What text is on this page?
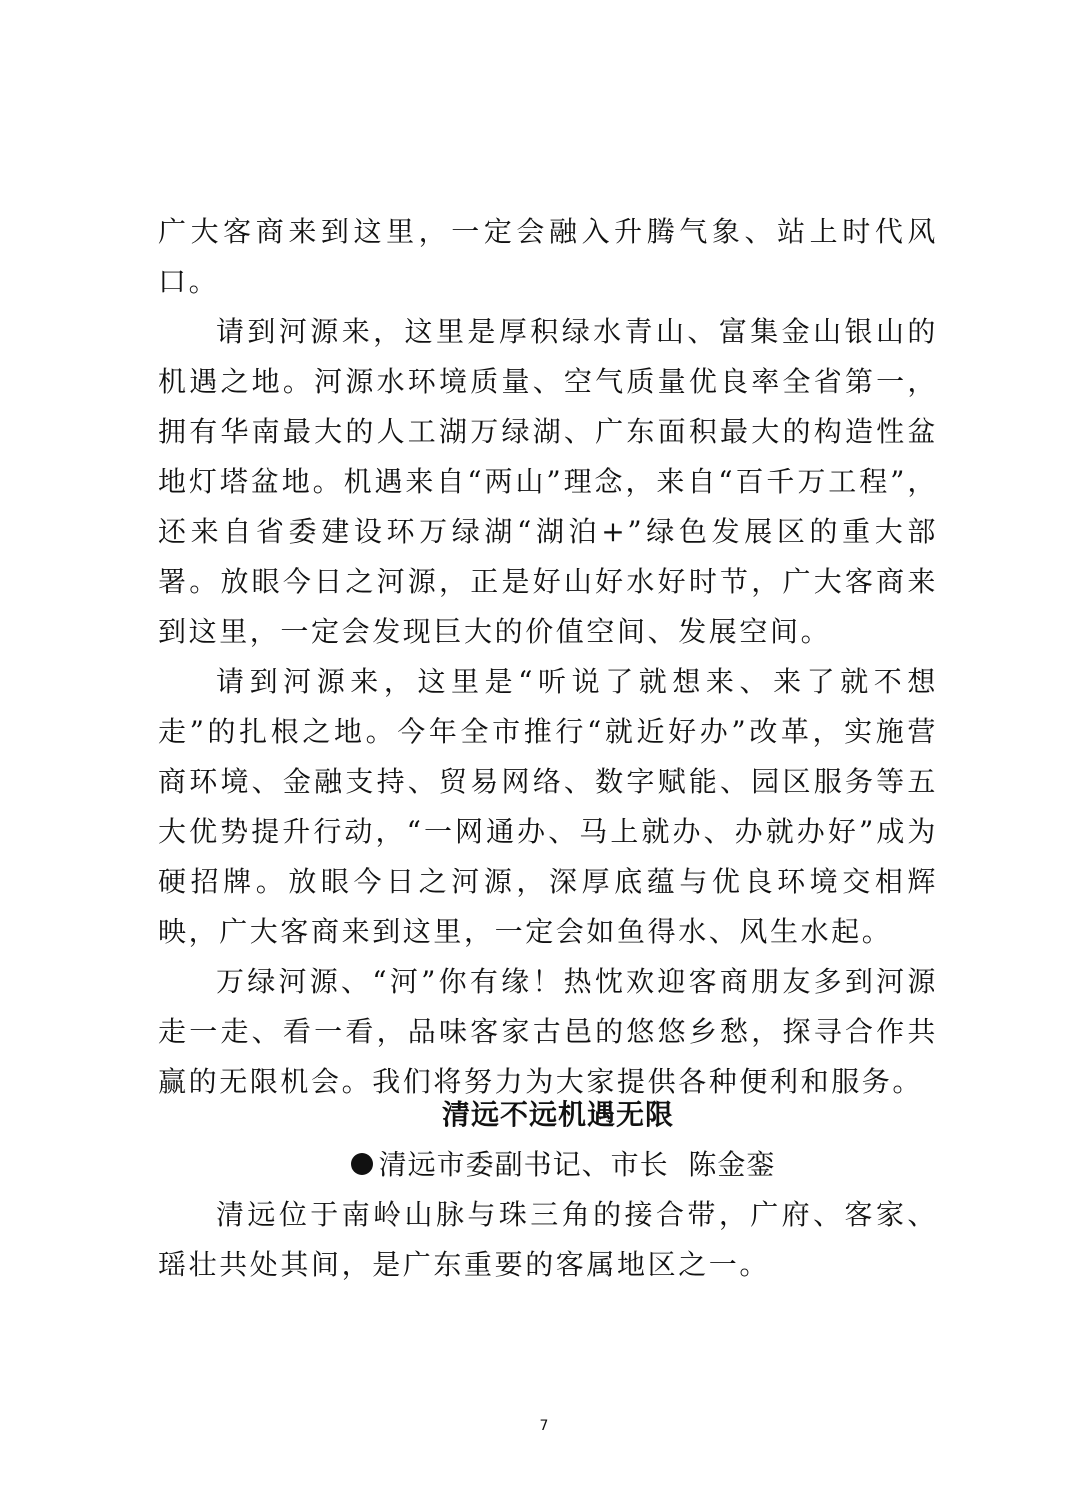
广大客商来到这里，一定会融入升腾气象、站上时代风口。

请到河源来，这里是厚积绿水青山、富集金山银山的机遇之地。河源水环境质量、空气质量优良率全省第一，拥有华南最大的人工湖万绿湖、广东面积最大的构造性盆地灯塔盆地。机遇来自“两山”理念，来自“百千万工程”，还来自省委建设环万绿湖“湖泊+”绿色发展区的重大部署。放眼今日之河源，正是好山好水好时节，广大客商来到这里，一定会发现巨大的价值空间、发展空间。

请到河源来，这里是“听说了就想来、来了就不想走”的扎根之地。今年全市推行“就近好办”改革，实施营商环境、金融支持、贸易网络、数字赋能、园区服务等五大优势提升行动，“一网通办、马上就办、办就办好”成为硬招牌。放眼今日之河源，深厚底蕴与优良环境交相辉映，广大客商来到这里，一定会如鱼得水、风生水起。

万绿河源、“河”你有缘！热忱欢迎客商朋友多到河源走一走、看一看，品味客家古邑的悠悠乡愁，探寻合作共赢的无限机会。我们将努力为大家提供各种便利和服务。

清远不远机遇无限

清远市委副书记、市长  陈金銮

清远位于南岭山脉与珠三角的接合带，广府、客家、瑶壮共处其间，是广东重要的客属地区之一。

7
